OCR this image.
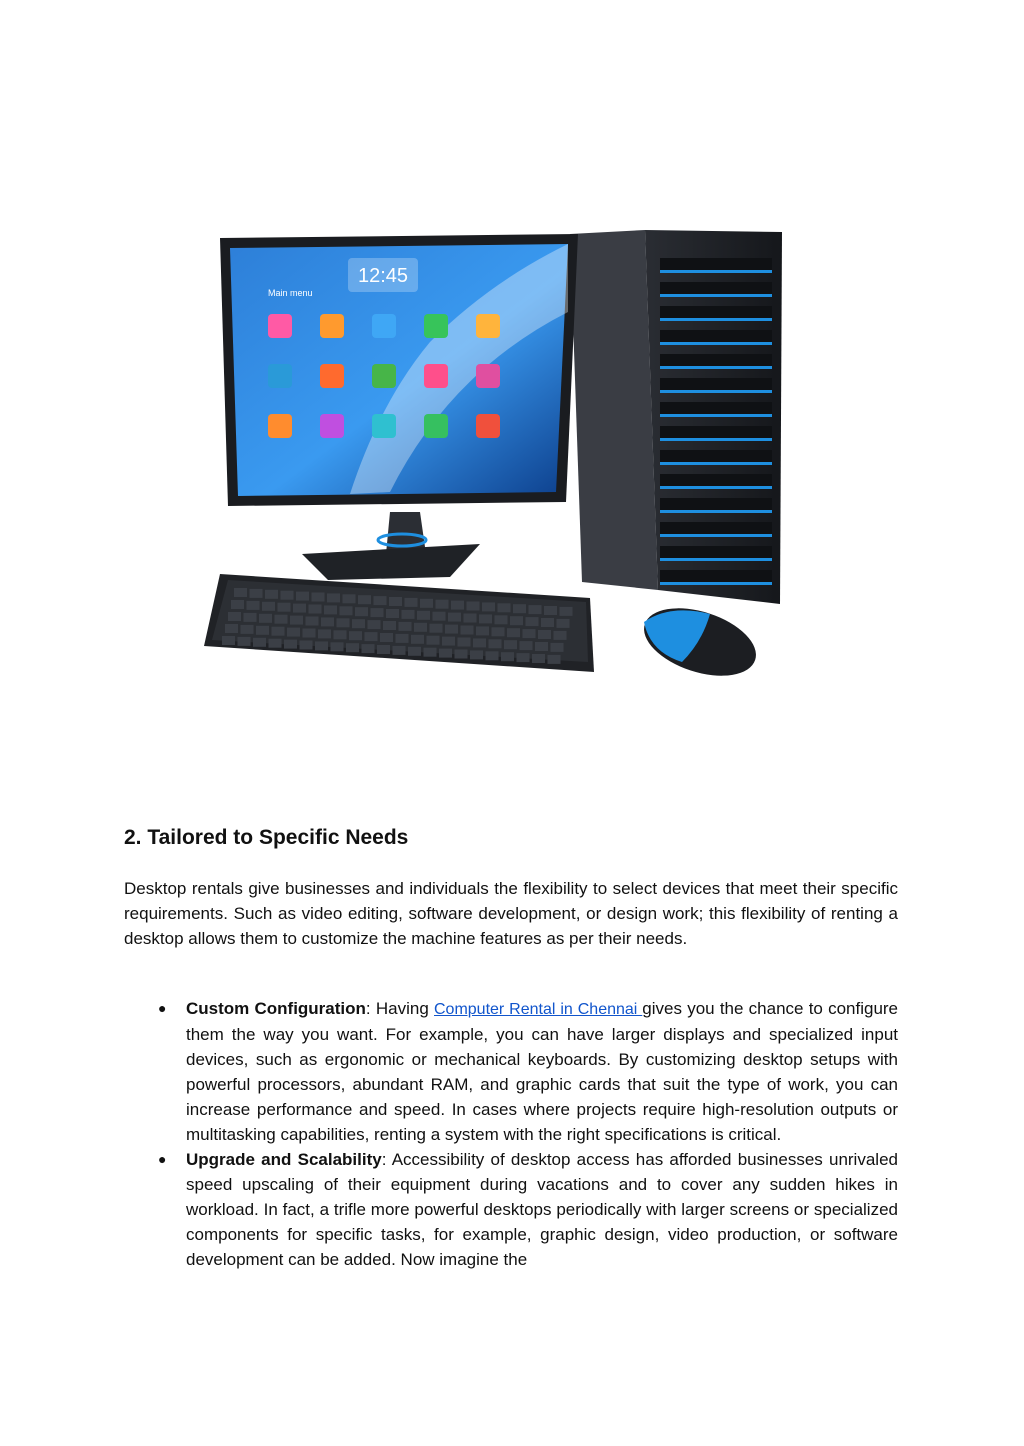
12:45
Main menu
2. Tailored to Specific Needs

Desktop rentals give businesses and individuals the flexibility to select devices that meet their specific requirements. Such as video editing, software development, or design work; this flexibility of renting a desktop allows them to customize the machine features as per their needs.

● Custom Configuration: Having Computer Rental in Chennai gives you the chance to configure them the way you want. For example, you can have larger displays and specialized input devices, such as ergonomic or mechanical keyboards. By customizing desktop setups with powerful processors, abundant RAM, and graphic cards that suit the type of work, you can increase performance and speed. In cases where projects require high-resolution outputs or multitasking capabilities, renting a system with the right specifications is critical.
● Upgrade and Scalability: Accessibility of desktop access has afforded businesses unrivaled speed upscaling of their equipment during vacations and to cover any sudden hikes in workload. In fact, a trifle more powerful desktops periodically with larger screens or specialized components for specific tasks, for example, graphic design, video production, or software development can be added. Now imagine the
